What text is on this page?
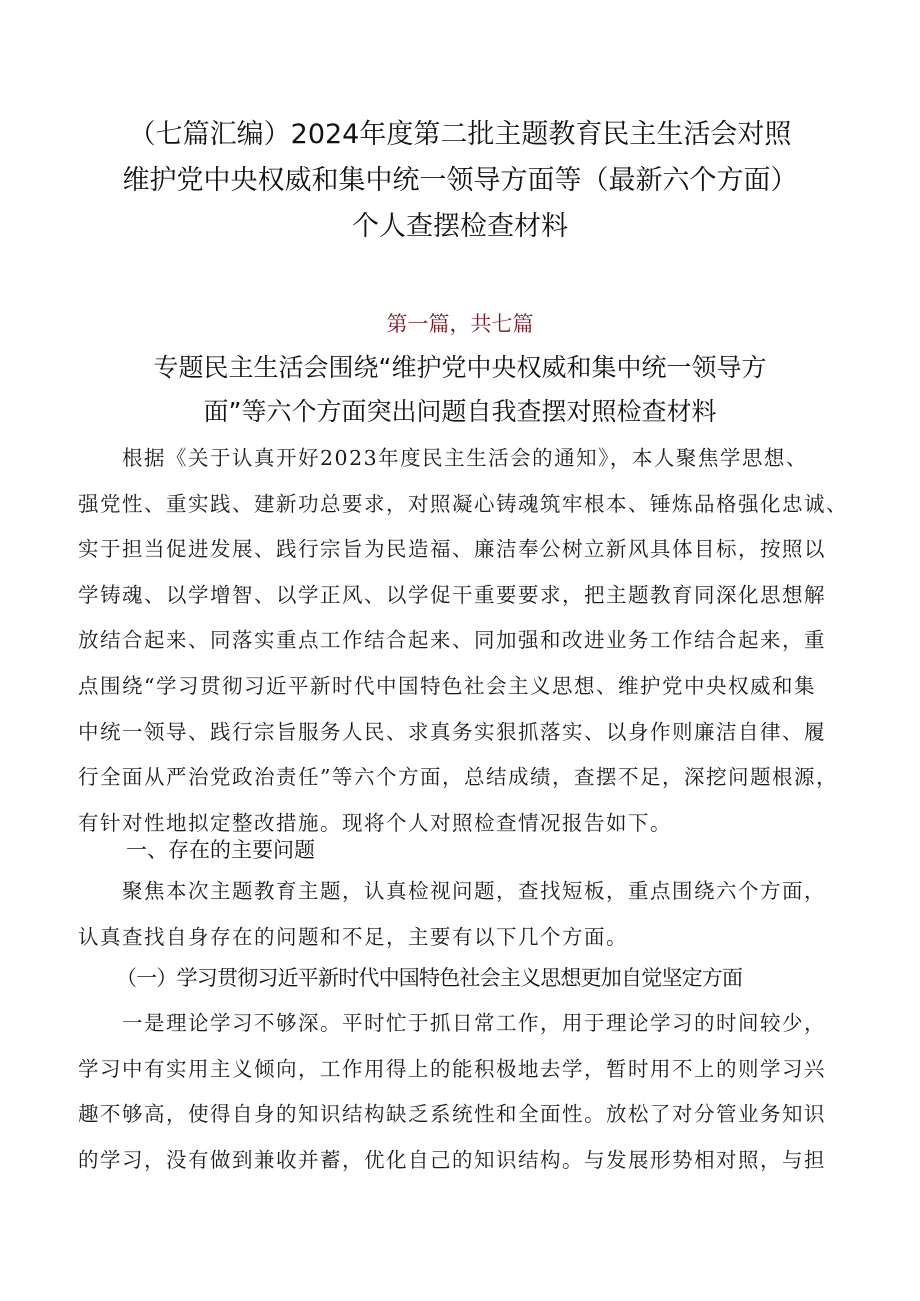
（七篇汇编）2024年度第二批主题教育民主生活会对照
维护党中央权威和集中统一领导方面等（最新六个方面）
个人查摆检查材料
第一篇，共七篇
专题民主生活会围绕“维护党中央权威和集中统一领导方
面”等六个方面突出问题自我查摆对照检查材料
　　根据《关于认真开好2023年度民主生活会的通知》，本人聚焦学思想、
强党性、重实践、建新功总要求，对照凝心铸魂筑牢根本、锤炼品格强化忠诚、
实于担当促进发展、践行宗旨为民造福、廉洁奉公树立新风具体目标，按照以
学铸魂、以学增智、以学正风、以学促干重要要求，把主题教育同深化思想解
放结合起来、同落实重点工作结合起来、同加强和改进业务工作结合起来，重
点围绕“学习贯彻习近平新时代中国特色社会主义思想、维护党中央权威和集
中统一领导、践行宗旨服务人民、求真务实狠抓落实、以身作则廉洁自律、履
行全面从严治党政治责任”等六个方面，总结成绩，查摆不足，深挖问题根源，
有针对性地拟定整改措施。现将个人对照检查情况报告如下。
一、存在的主要问题
　　聚焦本次主题教育主题，认真检视问题，查找短板，重点围绕六个方面，
认真查找自身存在的问题和不足，主要有以下几个方面。
（一）学习贯彻习近平新时代中国特色社会主义思想更加自觉坚定方面
　　一是理论学习不够深。平时忙于抓日常工作，用于理论学习的时间较少，
学习中有实用主义倾向，工作用得上的能积极地去学，暂时用不上的则学习兴
趣不够高，使得自身的知识结构缺乏系统性和全面性。放松了对分管业务知识
的学习，没有做到兼收并蓄，优化自己的知识结构。与发展形势相对照，与担
